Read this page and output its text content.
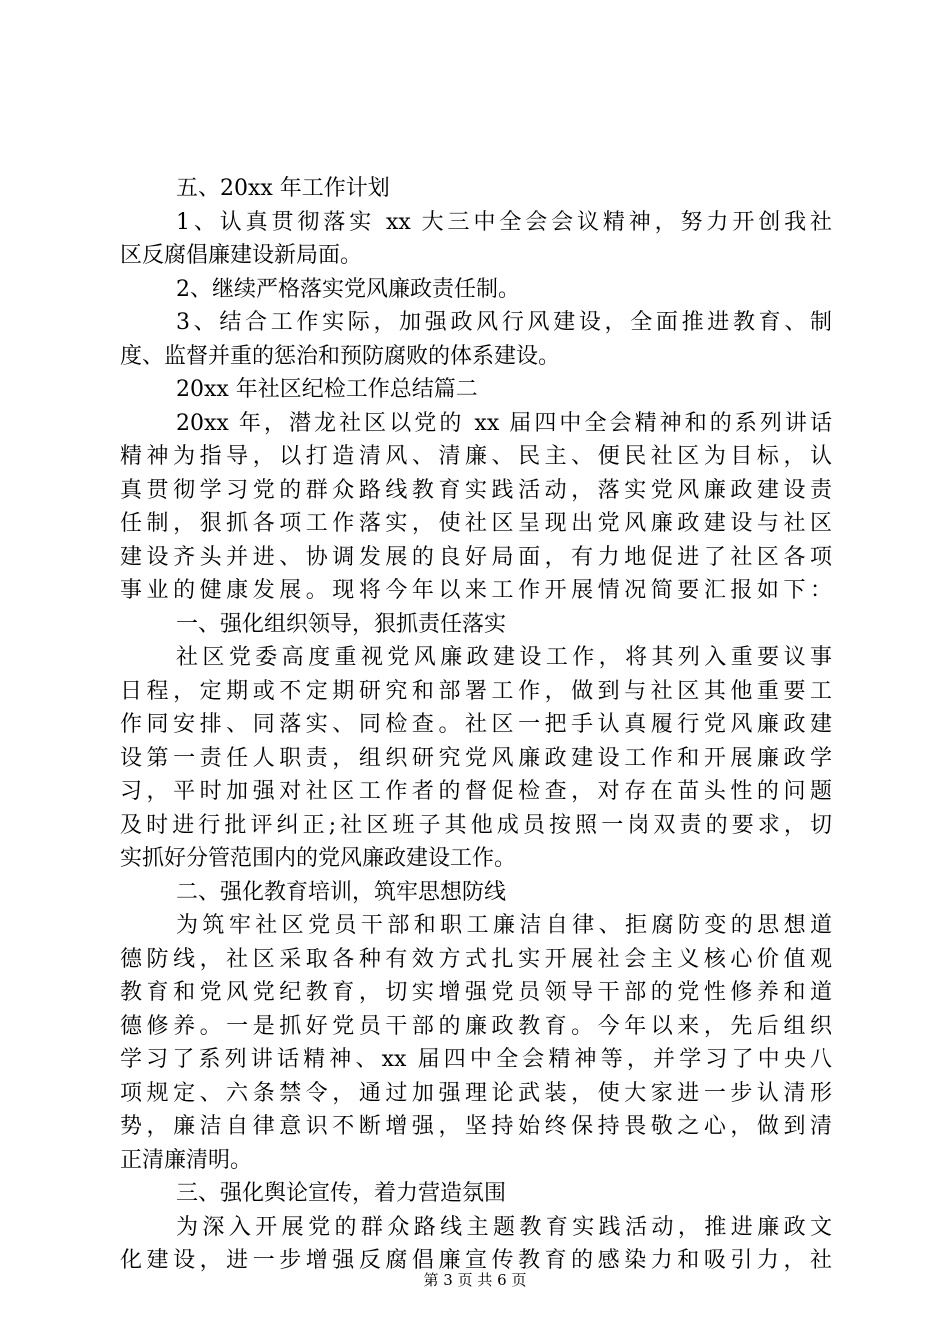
五、20xx 年工作计划
1、认真贯彻落实 xx 大三中全会会议精神，努力开创我社
区反腐倡廉建设新局面。
2、继续严格落实党风廉政责任制。
3、结合工作实际，加强政风行风建设，全面推进教育、制
度、监督并重的惩治和预防腐败的体系建设。
20xx 年社区纪检工作总结篇二
20xx 年，潜龙社区以党的 xx 届四中全会精神和的系列讲话
精神为指导，以打造清风、清廉、民主、便民社区为目标，认
真贯彻学习党的群众路线教育实践活动，落实党风廉政建设责
任制，狠抓各项工作落实，使社区呈现出党风廉政建设与社区
建设齐头并进、协调发展的良好局面，有力地促进了社区各项
事业的健康发展。现将今年以来工作开展情况简要汇报如下：
一、强化组织领导，狠抓责任落实
社区党委高度重视党风廉政建设工作，将其列入重要议事
日程，定期或不定期研究和部署工作，做到与社区其他重要工
作同安排、同落实、同检查。社区一把手认真履行党风廉政建
设第一责任人职责，组织研究党风廉政建设工作和开展廉政学
习，平时加强对社区工作者的督促检查，对存在苗头性的问题
及时进行批评纠正;社区班子其他成员按照一岗双责的要求，切
实抓好分管范围内的党风廉政建设工作。
二、强化教育培训，筑牢思想防线
为筑牢社区党员干部和职工廉洁自律、拒腐防变的思想道
德防线，社区采取各种有效方式扎实开展社会主义核心价值观
教育和党风党纪教育，切实增强党员领导干部的党性修养和道
德修养。一是抓好党员干部的廉政教育。今年以来，先后组织
学习了系列讲话精神、xx 届四中全会精神等，并学习了中央八
项规定、六条禁令，通过加强理论武装，使大家进一步认清形
势，廉洁自律意识不断增强，坚持始终保持畏敬之心，做到清
正清廉清明。
三、强化舆论宣传，着力营造氛围
为深入开展党的群众路线主题教育实践活动，推进廉政文
化建设，进一步增强反腐倡廉宣传教育的感染力和吸引力，社
第 3 页 共 6 页
